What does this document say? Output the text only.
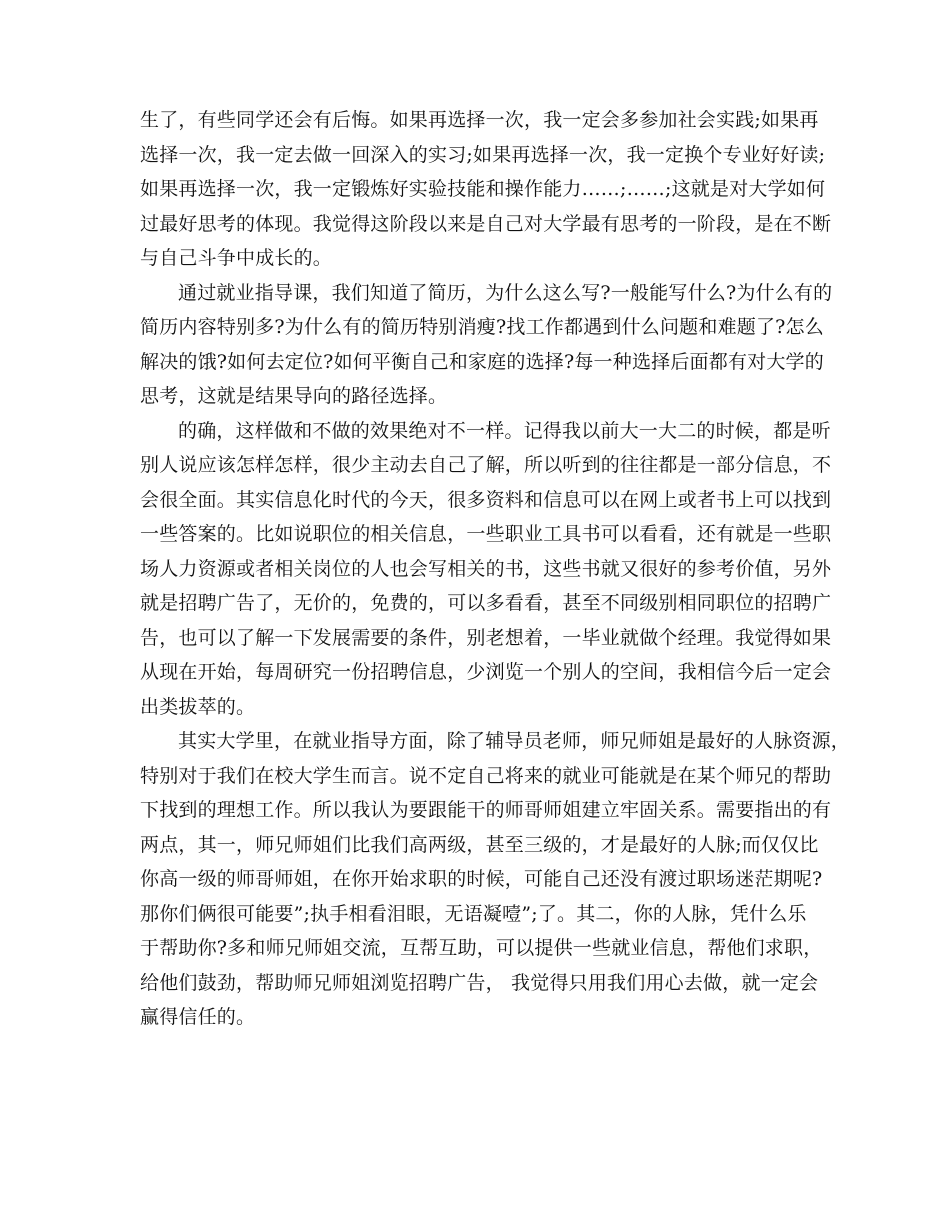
生了，有些同学还会有后悔。如果再选择一次，我一定会多参加社会实践;如果再
选择一次，我一定去做一回深入的实习;如果再选择一次，我一定换个专业好好读;
如果再选择一次，我一定锻炼好实验技能和操作能力……;……;这就是对大学如何
过最好思考的体现。我觉得这阶段以来是自己对大学最有思考的一阶段，是在不断
与自己斗争中成长的。
通过就业指导课，我们知道了简历，为什么这么写?一般能写什么?为什么有的
简历内容特别多?为什么有的简历特别消瘦?找工作都遇到什么问题和难题了?怎么
解决的饿?如何去定位?如何平衡自己和家庭的选择?每一种选择后面都有对大学的
思考，这就是结果导向的路径选择。
的确，这样做和不做的效果绝对不一样。记得我以前大一大二的时候，都是听
别人说应该怎样怎样，很少主动去自己了解，所以听到的往往都是一部分信息，不
会很全面。其实信息化时代的今天，很多资料和信息可以在网上或者书上可以找到
一些答案的。比如说职位的相关信息，一些职业工具书可以看看，还有就是一些职
场人力资源或者相关岗位的人也会写相关的书，这些书就又很好的参考价值，另外
就是招聘广告了，无价的，免费的，可以多看看，甚至不同级别相同职位的招聘广
告，也可以了解一下发展需要的条件，别老想着，一毕业就做个经理。我觉得如果
从现在开始，每周研究一份招聘信息，少浏览一个别人的空间，我相信今后一定会
出类拔萃的。
其实大学里，在就业指导方面，除了辅导员老师，师兄师姐是最好的人脉资源，
特别对于我们在校大学生而言。说不定自己将来的就业可能就是在某个师兄的帮助
下找到的理想工作。所以我认为要跟能干的师哥师姐建立牢固关系。需要指出的有
两点，其一，师兄师姐们比我们高两级，甚至三级的，才是最好的人脉;而仅仅比
你高一级的师哥师姐，在你开始求职的时候，可能自己还没有渡过职场迷茫期呢?
那你们俩很可能要”;执手相看泪眼，无语凝噎”;了。其二，你的人脉，凭什么乐
于帮助你?多和师兄师姐交流，互帮互助，可以提供一些就业信息，帮他们求职，
给他们鼓劲，帮助师兄师姐浏览招聘广告， 我觉得只用我们用心去做，就一定会
赢得信任的。
